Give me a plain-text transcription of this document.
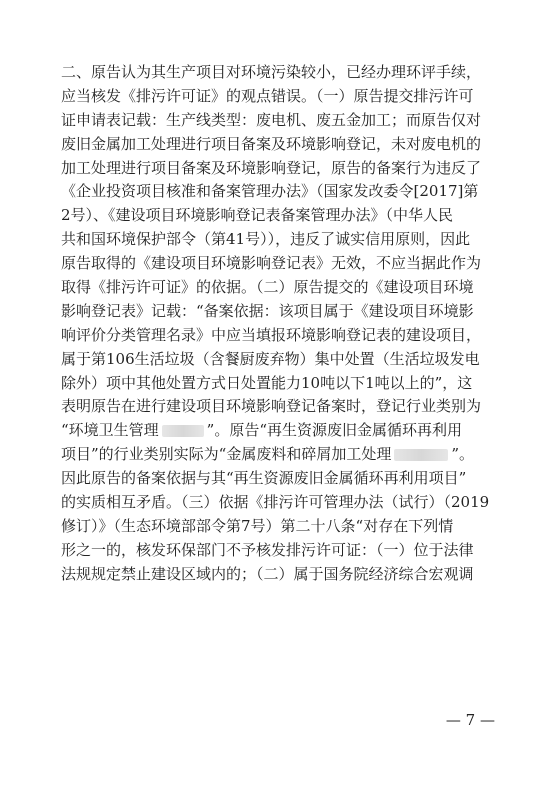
二、原告认为其生产项目对环境污染较小，已经办理环评手续，
应当核发《排污许可证》的观点错误。（一）原告提交排污许可
证申请表记载：生产线类型：废电机、废五金加工；而原告仅对
废旧金属加工处理进行项目备案及环境影响登记，未对废电机的
加工处理进行项目备案及环境影响登记，原告的备案行为违反了
《企业投资项目核准和备案管理办法》（国家发改委令[2017]第
2号）、《建设项目环境影响登记表备案管理办法》（中华人民
共和国环境保护部令（第41号）），违反了诚实信用原则，因此
原告取得的《建设项目环境影响登记表》无效，不应当据此作为
取得《排污许可证》的依据。（二）原告提交的《建设项目环境
影响登记表》记载：“备案依据：该项目属于《建设项目环境影
响评价分类管理名录》中应当填报环境影响登记表的建设项目，
属于第106生活垃圾（含餐厨废弃物）集中处置（生活垃圾发电
除外）项中其他处置方式日处置能力10吨以下1吨以上的”，这
表明原告在进行建设项目环境影响登记备案时，登记行业类别为
“环境卫生管理	”。原告“再生资源废旧金属循环再利用
项目”的行业类别实际为“金属废料和碎屑加工处理	”。
因此原告的备案依据与其“再生资源废旧金属循环再利用项目”
的实质相互矛盾。（三）依据《排污许可管理办法（试行）（2019
修订）》（生态环境部部令第7号）第二十八条“对存在下列情
形之一的，核发环保部门不予核发排污许可证：（一）位于法律
法规规定禁止建设区域内的；（二）属于国务院经济综合宏观调
— 7 —
